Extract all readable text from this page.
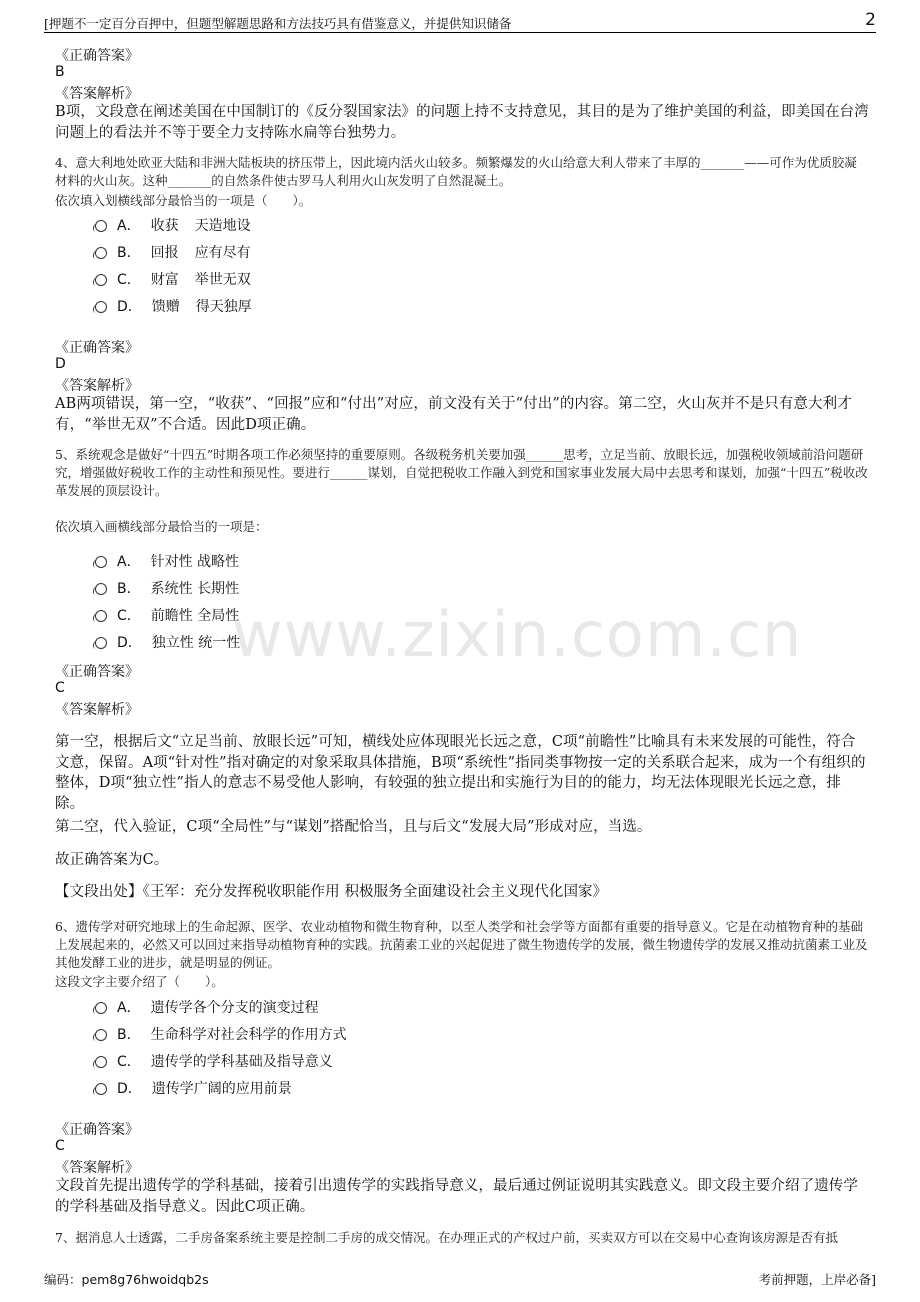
[押题不一定百分百押中，但题型解题思路和方法技巧具有借鉴意义，并提供知识储备	2
《正确答案》
B
《答案解析》
B项，文段意在阐述美国在中国制订的《反分裂国家法》的问题上持不支持意见，其目的是为了维护美国的利益，即美国在台湾问题上的看法并不等于要全力支持陈水扁等台独势力。
4、意大利地处欧亚大陆和非洲大陆板块的挤压带上，因此境内活火山较多。频繁爆发的火山给意大利人带来了丰厚的_______——可作为优质胶凝材料的火山灰。这种_______的自然条件使古罗马人利用火山灰发明了自然混凝土。
依次填入划横线部分最恰当的一项是（　　）。
A． 收获 天造地设
B． 回报 应有尽有
C． 财富 举世无双
D． 馈赠 得天独厚
《正确答案》
D
《答案解析》
AB两项错误，第一空，“收获”、“回报”应和“付出”对应，前文没有关于“付出”的内容。第二空，火山灰并不是只有意大利才有，“举世无双”不合适。因此D项正确。
5、系统观念是做好“十四五”时期各项工作必须坚持的重要原则。各级税务机关要加强______思考，立足当前、放眼长远，加强税收领域前沿问题研究，增强做好税收工作的主动性和预见性。要进行______谋划，自觉把税收工作融入到党和国家事业发展大局中去思考和谋划，加强“十四五”税收改革发展的顶层设计。
依次填入画横线部分最恰当的一项是：
A． 针对性 战略性
B． 系统性 长期性
C． 前瞻性 全局性
D． 独立性 统一性
《正确答案》
C
《答案解析》
第一空，根据后文“立足当前、放眼长远”可知，横线处应体现眼光长远之意，C项“前瞻性”比喻具有未来发展的可能性，符合文意，保留。A项“针对性”指对确定的对象采取具体措施，B项“系统性”指同类事物按一定的关系联合起来，成为一个有组织的整体，D项“独立性”指人的意志不易受他人影响，有较强的独立提出和实施行为目的的能力，均无法体现眼光长远之意，排除。
第二空，代入验证，C项“全局性”与“谋划”搭配恰当，且与后文“发展大局”形成对应，当选。
故正确答案为C。
【文段出处】《王军：充分发挥税收职能作用 积极服务全面建设社会主义现代化国家》
6、遗传学对研究地球上的生命起源、医学、农业动植物和微生物育种，以至人类学和社会学等方面都有重要的指导意义。它是在动植物育种的基础上发展起来的，必然又可以回过来指导动植物育种的实践。抗菌素工业的兴起促进了微生物遗传学的发展，微生物遗传学的发展又推动抗菌素工业及其他发酵工业的进步，就是明显的例证。
这段文字主要介绍了（　　）。
A． 遗传学各个分支的演变过程
B． 生命科学对社会科学的作用方式
C． 遗传学的学科基础及指导意义
D． 遗传学广阔的应用前景
《正确答案》
C
《答案解析》
文段首先提出遗传学的学科基础，接着引出遗传学的实践指导意义，最后通过例证说明其实践意义。即文段主要介绍了遗传学的学科基础及指导意义。因此C项正确。
7、据消息人士透露，二手房备案系统主要是控制二手房的成交情况。在办理正式的产权过户前，买卖双方可以在交易中心查询该房源是否有抵
www.zixin.com.cn
编码：pem8g76hwoidqb2s	考前押题，上岸必备]
